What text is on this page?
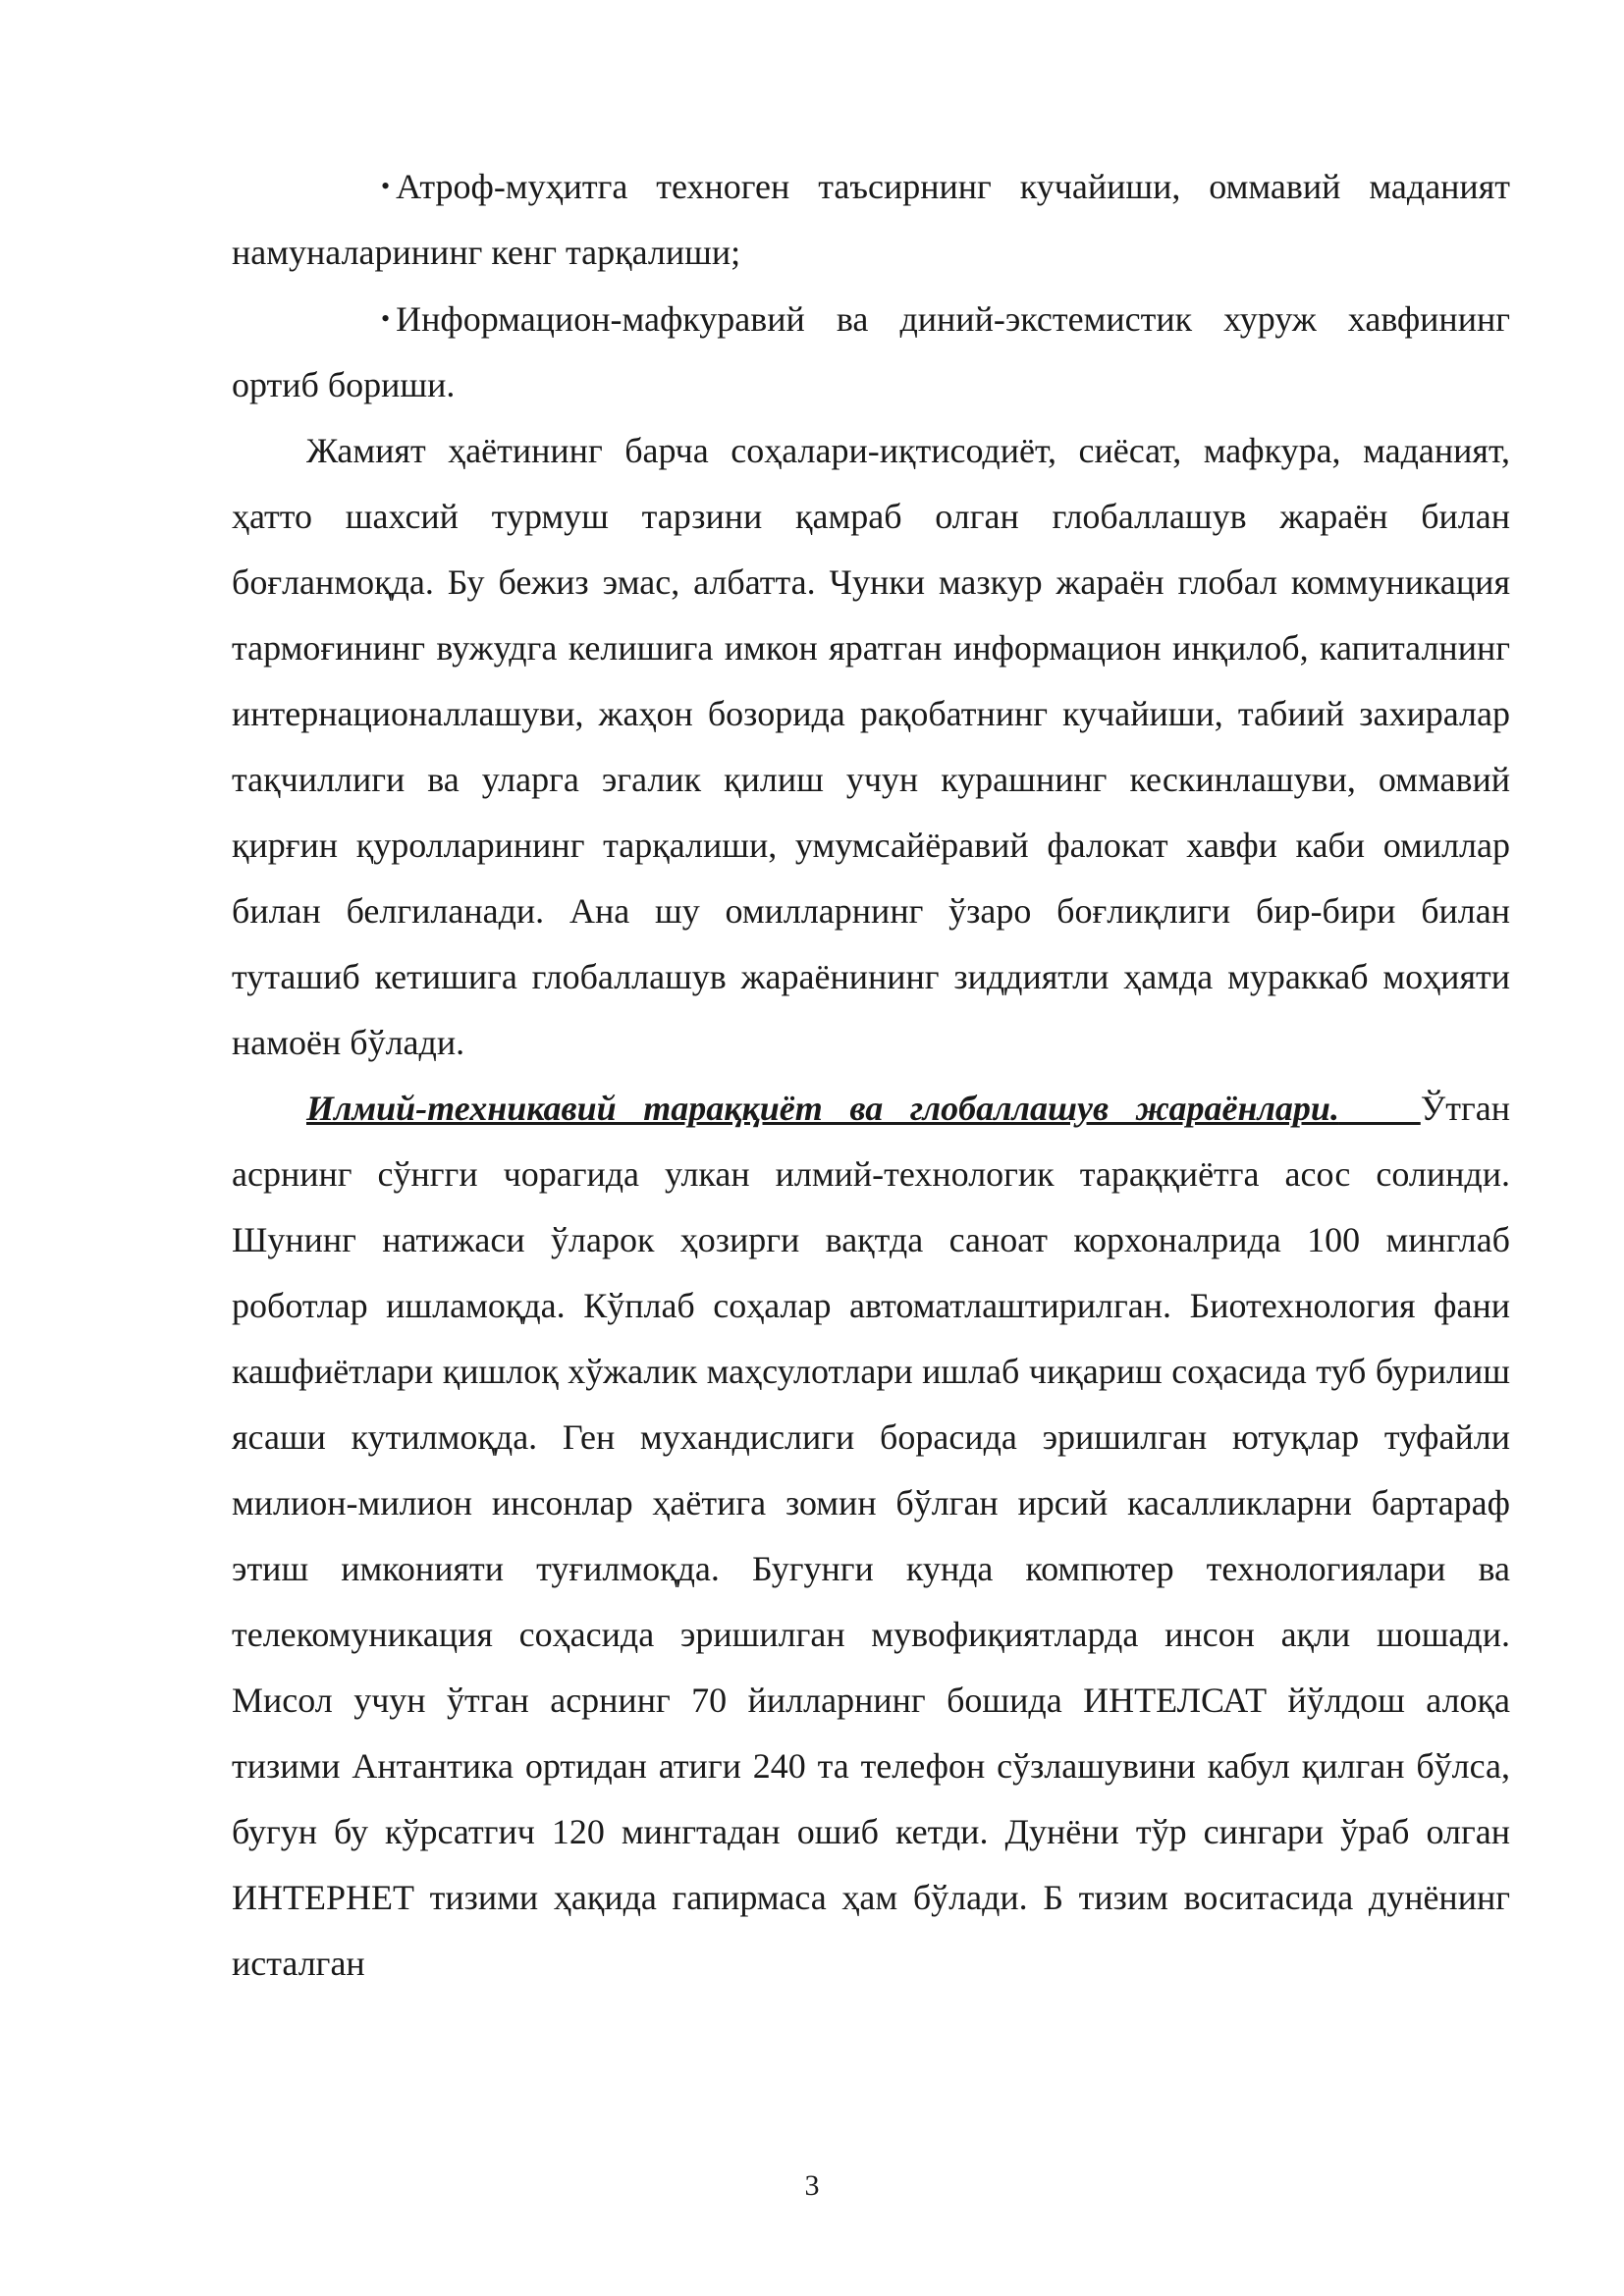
• Атроф-муҳитга техноген таъсирнинг кучайиши, оммавий маданият намуналарининг кенг тарқалиши;

• Информацион-мафкуравий ва диний-экстемистик хуруж хавфининг ортиб бориши.

Жамият ҳаётининг барча соҳалари-иқтисодиёт, сиёсат, мафкура, маданият, ҳатто шахсий турмуш тарзини қамраб олган глобаллашув жараён билан боғланмоқда. Бу бежиз эмас, албатта. Чунки мазкур жараён глобал коммуникация тармоғининг вужудга келишига имкон яратган информацион инқилоб, капиталнинг интернационаллашуви, жаҳон бозорида рақобатнинг кучайиши, табиий захиралар тақчиллиги ва уларга эгалик қилиш учун курашнинг кескинлашуви, оммавий қирғин қуролларининг тарқалиши, умумсайёравий фалокат хавфи каби омиллар билан белгиланади. Ана шу омилларнинг ўзаро боғлиқлиги бир-бири билан туташиб кетишига глобаллашув жараёнининг зиддиятли ҳамда мураккаб моҳияти намоён бўлади.

Илмий-техникавий тараққиёт ва глобаллашув жараёнлари. Ўтган асрнинг сўнгги чорагида улкан илмий-технологик тараққиётга асос солинди. Шунинг натижаси ўларок ҳозирги вақтда саноат корхоналрида 100 минглаб роботлар ишламоқда. Кўплаб соҳалар автоматлаштирилган. Биотехнология фани кашфиётлари қишлоқ хўжалик маҳсулотлари ишлаб чиқариш соҳасида туб бурилиш ясаши кутилмоқда. Ген мухандислиги борасида эришилган ютуқлар туфайли милион-милион инсонлар ҳаётига зомин бўлган ирсий касалликларни бартараф этиш имконияти туғилмоқда. Бугунги кунда компютер технологиялари ва телекомуникация соҳасида эришилган мувофиқиятларда инсон ақли шошади. Мисол учун ўтган асрнинг 70 йилларнинг бошида ИНТЕЛСАТ йўлдош алоқа тизими Антантика ортидан атиги 240 та телефон сўзлашувини кабул қилган бўлса, бугун бу кўрсатгич 120 мингтадан ошиб кетди. Дунёни тўр сингари ўраб олган ИНТЕРНЕТ тизими ҳақида гапирмаса ҳам бўлади. Б тизим воситасида дунёнинг исталган

3
